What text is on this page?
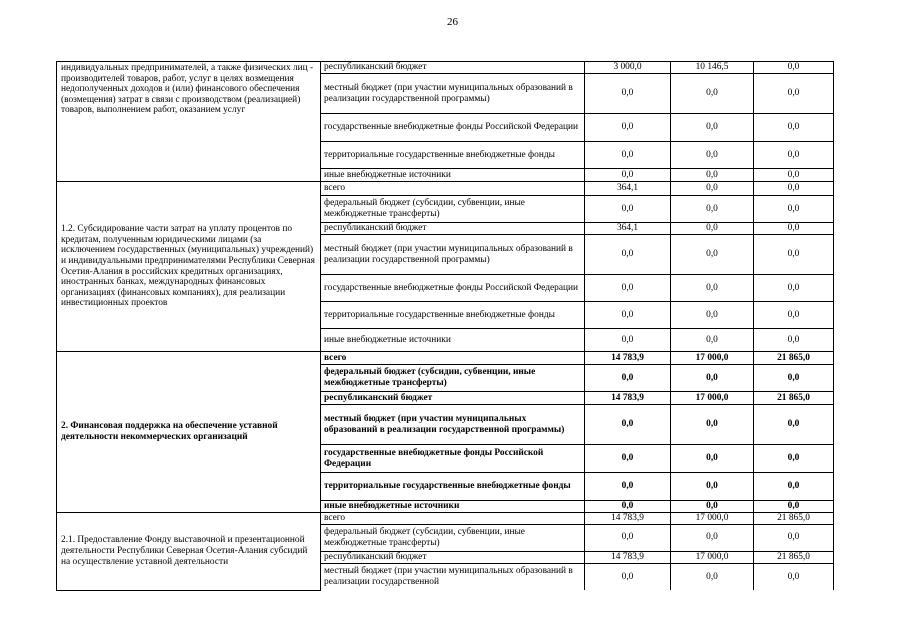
26
индивидуальных предпринимателей, а также физических лиц - производителей товаров, работ, услуг в целях возмещения недополученных доходов и (или) финансового обеспечения (возмещения) затрат в связи с производством (реализацией) товаров, выполнением работ, оказанием услуг	республиканский бюджет	3 000,0	10 146,5	0,0
	местный бюджет (при участии муниципальных образований в реализации государственной программы)	0,0	0,0	0,0
	государственные внебюджетные фонды Российской Федерации	0,0	0,0	0,0
	территориальные государственные внебюджетные фонды	0,0	0,0	0,0
	иные внебюджетные источники	0,0	0,0	0,0
1.2. Субсидирование части затрат на уплату процентов по кредитам, полученным юридическими лицами (за исключением государственных (муниципальных) учреждений) и индивидуальными предпринимателями Республики Северная Осетия-Алания в российских кредитных организациях, иностранных банках, международных финансовых организациях (финансовых компаниях), для реализации инвестиционных проектов	всего	364,1	0,0	0,0
	федеральный бюджет (субсидии, субвенции, иные межбюджетные трансферты)	0,0	0,0	0,0
	республиканский бюджет	364,1	0,0	0,0
	местный бюджет (при участии муниципальных образований в реализации государственной программы)	0,0	0,0	0,0
	государственные внебюджетные фонды Российской Федерации	0,0	0,0	0,0
	территориальные государственные внебюджетные фонды	0,0	0,0	0,0
	иные внебюджетные источники	0,0	0,0	0,0
2. Финансовая поддержка на обеспечение уставной деятельности некоммерческих организаций	всего	14 783,9	17 000,0	21 865,0
	федеральный бюджет (субсидии, субвенции, иные межбюджетные трансферты)	0,0	0,0	0,0
	республиканский бюджет	14 783,9	17 000,0	21 865,0
	местный бюджет (при участии муниципальных образований в реализации государственной программы)	0,0	0,0	0,0
	государственные внебюджетные фонды Российской Федерации	0,0	0,0	0,0
	территориальные государственные внебюджетные фонды	0,0	0,0	0,0
	иные внебюджетные источники	0,0	0,0	0,0
2.1. Предоставление Фонду выставочной и презентационной деятельности Республики Северная Осетия-Алания субсидий на осуществление уставной деятельности	всего	14 783,9	17 000,0	21 865,0
	федеральный бюджет (субсидии, субвенции, иные межбюджетные трансферты)	0,0	0,0	0,0
	республиканский бюджет	14 783,9	17 000,0	21 865,0
	местный бюджет (при участии муниципальных образований в реализации государственной	0,0	0,0	0,0
